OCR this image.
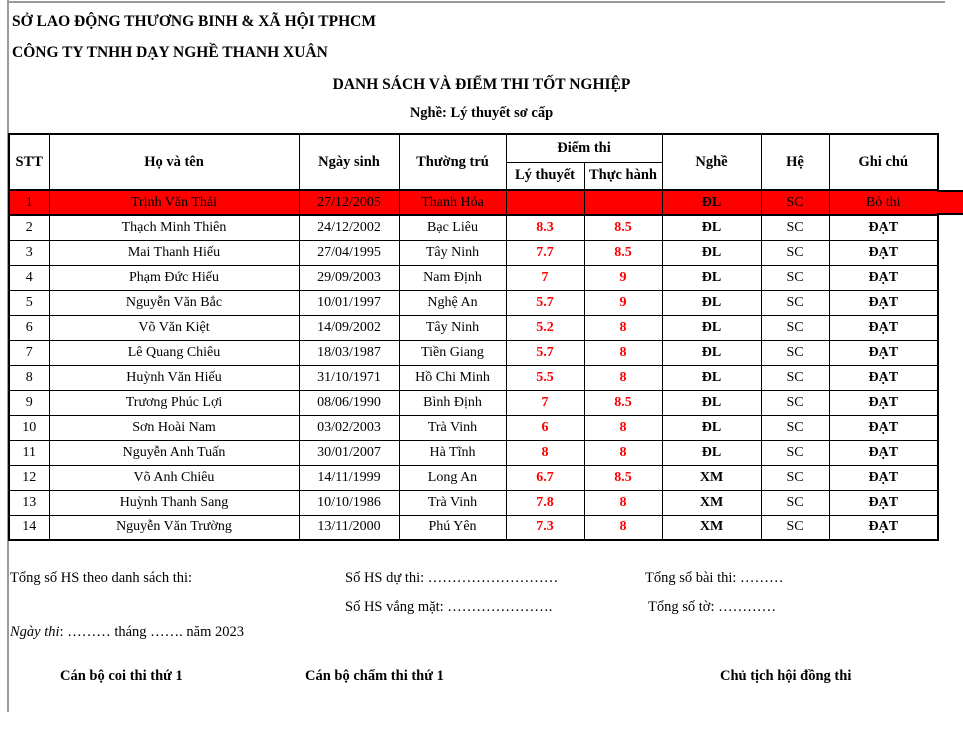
SỞ LAO ĐỘNG THƯƠNG BINH & XÃ HỘI TPHCM
CÔNG TY TNHH DẠY NGHỀ THANH XUÂN
DANH SÁCH VÀ ĐIỂM THI TỐT NGHIỆP
Nghề: Lý thuyết sơ cấp
STT	Họ và tên	Ngày sinh	Thường trú	Điểm thi		Nghề	Hệ	Ghi chú
				Lý thuyết	Thực hành			
1	Trịnh Văn Thái	27/12/2005	Thanh Hóa			ĐL	SC	Bỏ thi
2	Thạch Minh Thiên	24/12/2002	Bạc Liêu	8.3	8.5	ĐL	SC	ĐẠT
3	Mai Thanh Hiếu	27/04/1995	Tây Ninh	7.7	8.5	ĐL	SC	ĐẠT
4	Phạm Đức Hiếu	29/09/2003	Nam Định	7	9	ĐL	SC	ĐẠT
5	Nguyễn Văn Bắc	10/01/1997	Nghệ An	5.7	9	ĐL	SC	ĐẠT
6	Võ Văn Kiệt	14/09/2002	Tây Ninh	5.2	8	ĐL	SC	ĐẠT
7	Lê Quang Chiêu	18/03/1987	Tiền Giang	5.7	8	ĐL	SC	ĐẠT
8	Huỳnh Văn Hiếu	31/10/1971	Hồ Chi Minh	5.5	8	ĐL	SC	ĐẠT
9	Trương Phúc Lợi	08/06/1990	Bình Định	7	8.5	ĐL	SC	ĐẠT
10	Sơn Hoài Nam	03/02/2003	Trà Vinh	6	8	ĐL	SC	ĐẠT
11	Nguyễn Anh Tuấn	30/01/2007	Hà Tĩnh	8	8	ĐL	SC	ĐẠT
12	Võ Anh Chiêu	14/11/1999	Long An	6.7	8.5	XM	SC	ĐẠT
13	Huỳnh Thanh Sang	10/10/1986	Trà Vinh	7.8	8	XM	SC	ĐẠT
14	Nguyễn Văn Trường	13/11/2000	Phú Yên	7.3	8	XM	SC	ĐẠT
Tổng số HS theo danh sách thi:	Số HS dự thi: ………………………	Tổng số bài thi: ………
Số HS vắng mặt: ………………….	Tổng số tờ: …………
Ngày thi: ……… tháng ……. năm 2023
Cán bộ coi thi thứ 1	Cán bộ chấm thi thứ 1	Chủ tịch hội đồng thi
